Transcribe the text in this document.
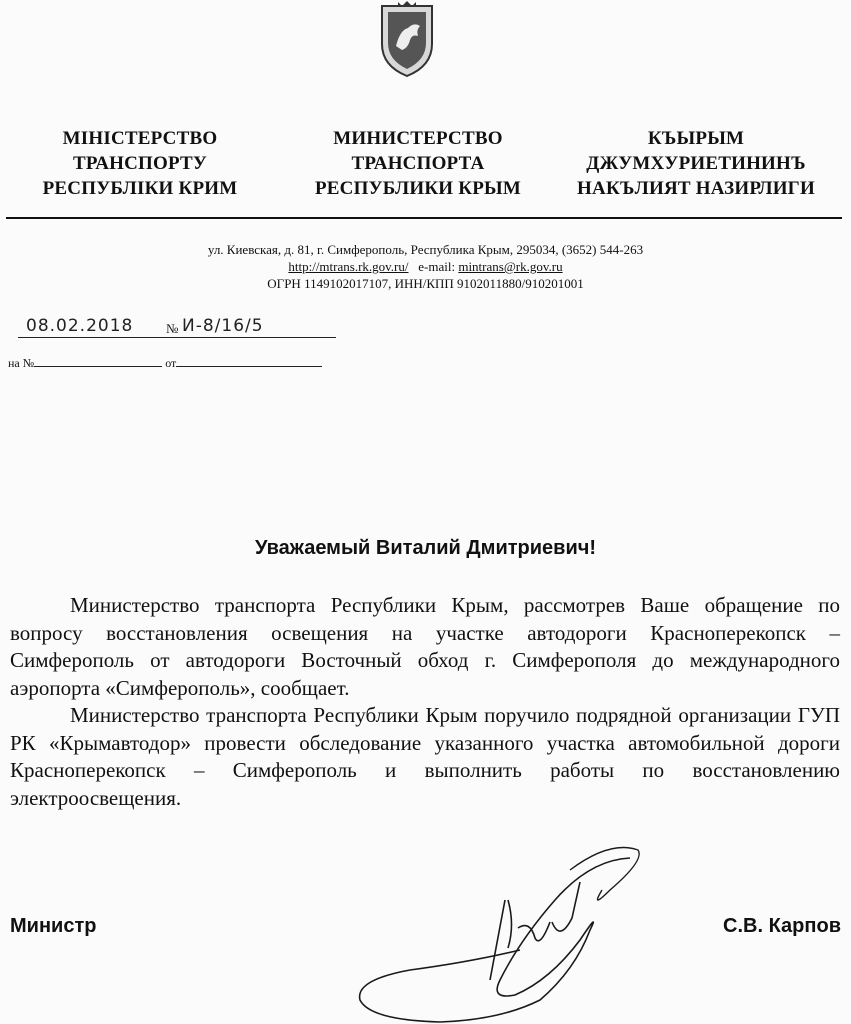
МІНІСТЕРСТВО
ТРАНСПОРТУ
РЕСПУБЛІКИ КРИМ
МИНИСТЕРСТВО
ТРАНСПОРТА
РЕСПУБЛИКИ КРЫМ
КЪЫРЫМ
ДЖУМХУРИЕТИНИНЪ
НАКЪЛИЯТ НАЗИРЛИГИ
ул. Киевская, д. 81, г. Симферополь, Республика Крым, 295034, (3652) 544-263
http://mtrans.rk.gov.ru/ e-mail: mintrans@rk.gov.ru
ОГРН 1149102017107, ИНН/КПП 9102011880/910201001
08.02.2018	№ И-8/16/5
на №	от
Уважаемый Виталий Дмитриевич!

Министерство транспорта Республики Крым, рассмотрев Ваше обращение по вопросу восстановления освещения на участке автодороги Красноперекопск – Симферополь от автодороги Восточный обход г. Симферополя до международного аэропорта «Симферополь», сообщает.

Министерство транспорта Республики Крым поручило подрядной организации ГУП РК «Крымавтодор» провести обследование указанного участка автомобильной дороги Красноперекопск – Симферополь и выполнить работы по восстановлению электроосвещения.

Министр	С.В. Карпов
